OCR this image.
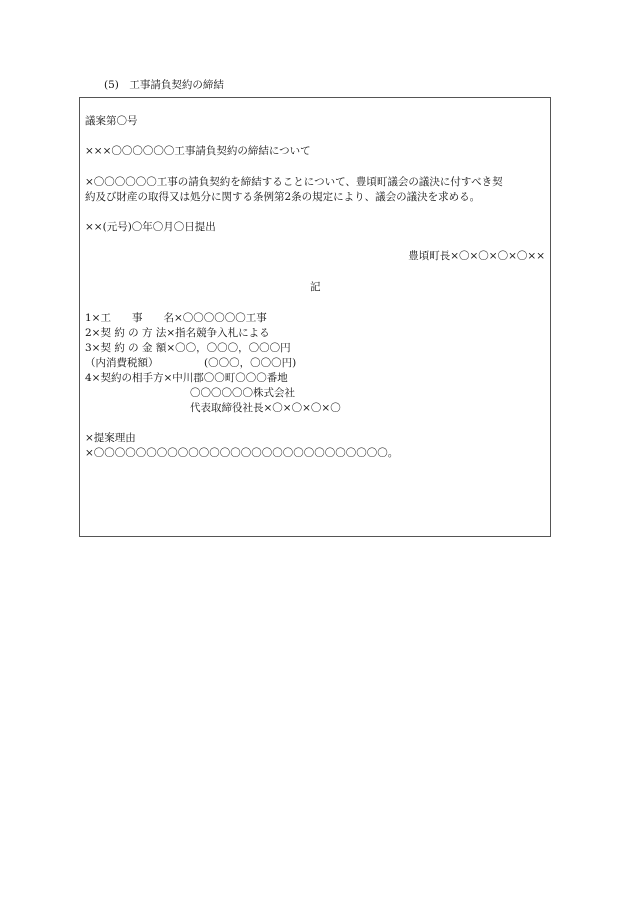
(5)　工事請負契約の締結
議案第〇号
×××〇〇〇〇〇〇工事請負契約の締結について
×〇〇〇〇〇〇工事の請負契約を締結することについて、豊頃町議会の議決に付すべき契
約及び財産の取得又は処分に関する条例第2条の規定により、議会の議決を求める。
××(元号)〇年〇月〇日提出
豊頃町長×〇×〇×〇×〇××
記
1×工　　事　　名×〇〇〇〇〇〇工事
2×契 約 の 方 法×指名競争入札による
3×契 約 の 金 額×〇〇，〇〇〇，〇〇〇円
（内消費税額）	(〇〇〇，〇〇〇円)
4×契約の相手方×中川郡〇〇町〇〇〇番地
〇〇〇〇〇〇株式会社
代表取締役社長×〇×〇×〇×〇
×提案理由
×〇〇〇〇〇〇〇〇〇〇〇〇〇〇〇〇〇〇〇〇〇〇〇〇〇〇〇〇。
